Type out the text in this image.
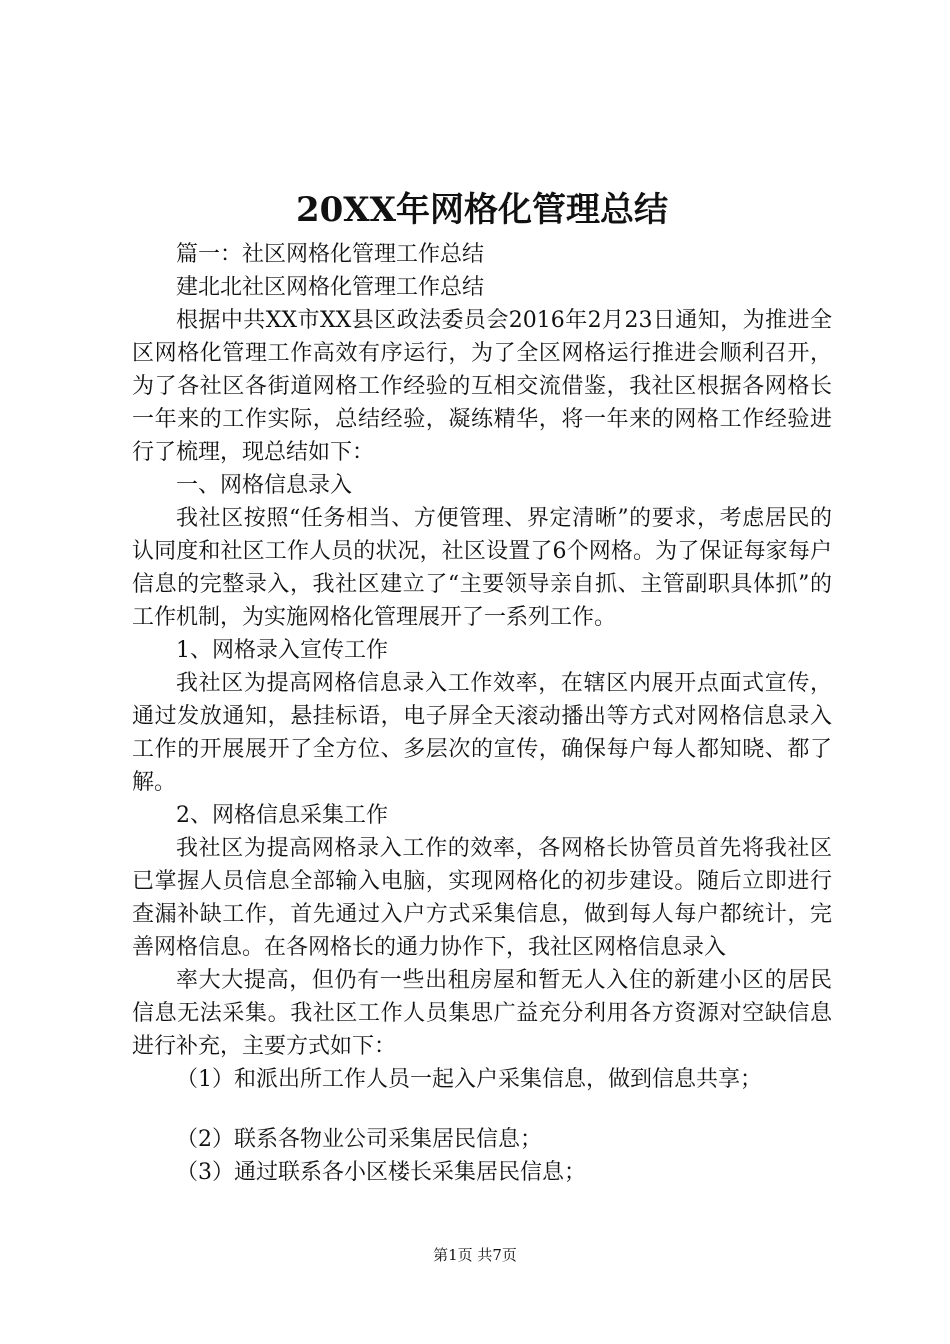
20XX年网格化管理总结

篇一：社区网格化管理工作总结

建北北社区网格化管理工作总结

根据中共XX市XX县区政法委员会2016年2月23日通知，为推进全区网格化管理工作高效有序运行，为了全区网格运行推进会顺利召开，为了各社区各街道网格工作经验的互相交流借鉴，我社区根据各网格长一年来的工作实际，总结经验，凝练精华，将一年来的网格工作经验进行了梳理，现总结如下：

一、网格信息录入

我社区按照“任务相当、方便管理、界定清晰”的要求，考虑居民的认同度和社区工作人员的状况，社区设置了6个网格。为了保证每家每户信息的完整录入，我社区建立了“主要领导亲自抓、主管副职具体抓”的工作机制，为实施网格化管理展开了一系列工作。

1、网格录入宣传工作

我社区为提高网格信息录入工作效率，在辖区内展开点面式宣传，通过发放通知，悬挂标语，电子屏全天滚动播出等方式对网格信息录入工作的开展展开了全方位、多层次的宣传，确保每户每人都知晓、都了解。

2、网格信息采集工作

我社区为提高网格录入工作的效率，各网格长协管员首先将我社区已掌握人员信息全部输入电脑，实现网格化的初步建设。随后立即进行查漏补缺工作，首先通过入户方式采集信息，做到每人每户都统计，完善网格信息。在各网格长的通力协作下，我社区网格信息录入

率大大提高，但仍有一些出租房屋和暂无人入住的新建小区的居民信息无法采集。我社区工作人员集思广益充分利用各方资源对空缺信息进行补充，主要方式如下：

（1）和派出所工作人员一起入户采集信息，做到信息共享；

（2）联系各物业公司采集居民信息；

（3）通过联系各小区楼长采集居民信息；

第1页 共7页
